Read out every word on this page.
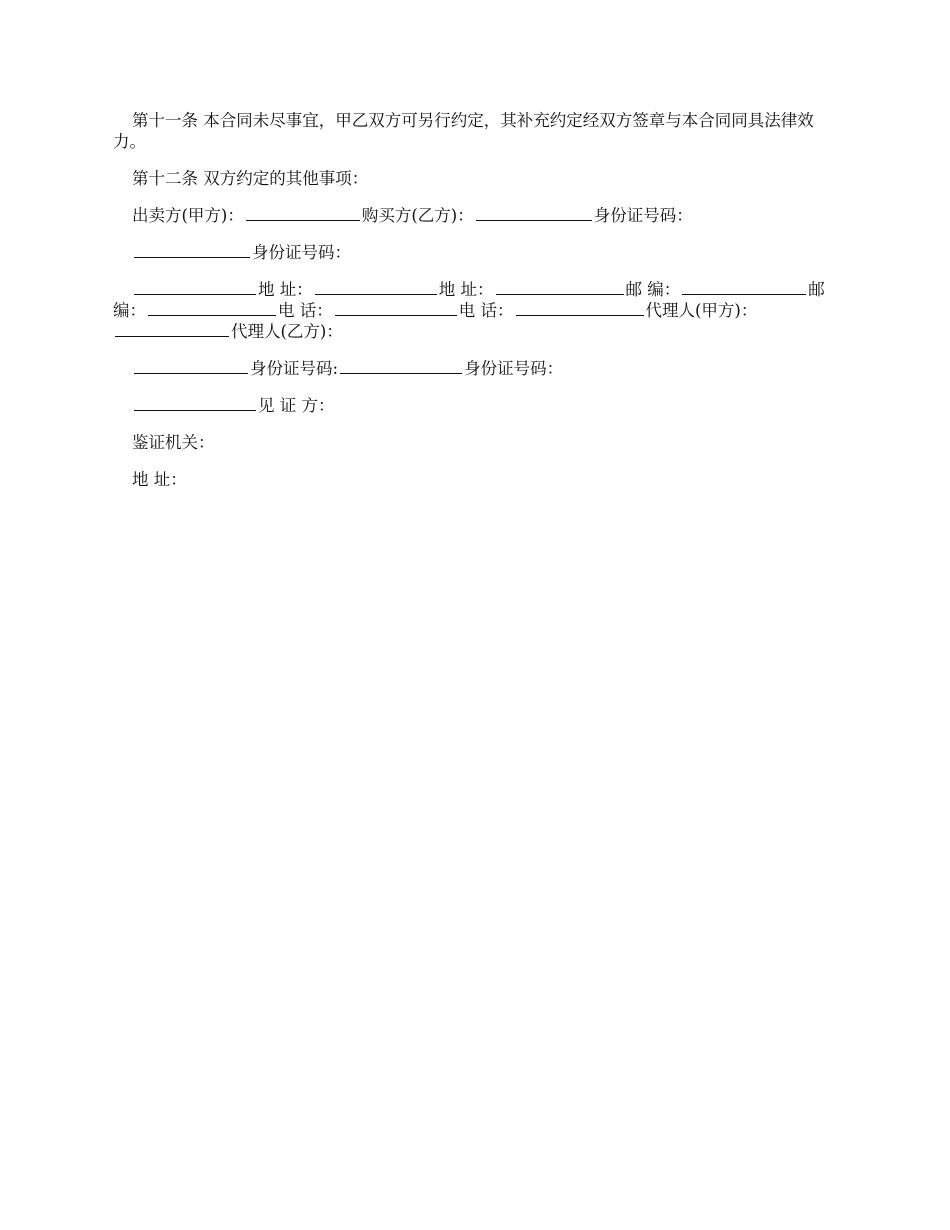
第十一条 本合同未尽事宜，甲乙双方可另行约定，其补充约定经双方签章与本合同同具法律效力。

第十二条 双方约定的其他事项：

出卖方(甲方)：	购买方(乙方)：	身份证号码：

身份证号码：

地 址：	地 址：	邮 编：	邮 编：	电 话：	电 话：	代理人(甲方)：代理人(乙方)：

身份证号码:	身份证号码：

见 证 方：

鉴证机关：

地 址：
